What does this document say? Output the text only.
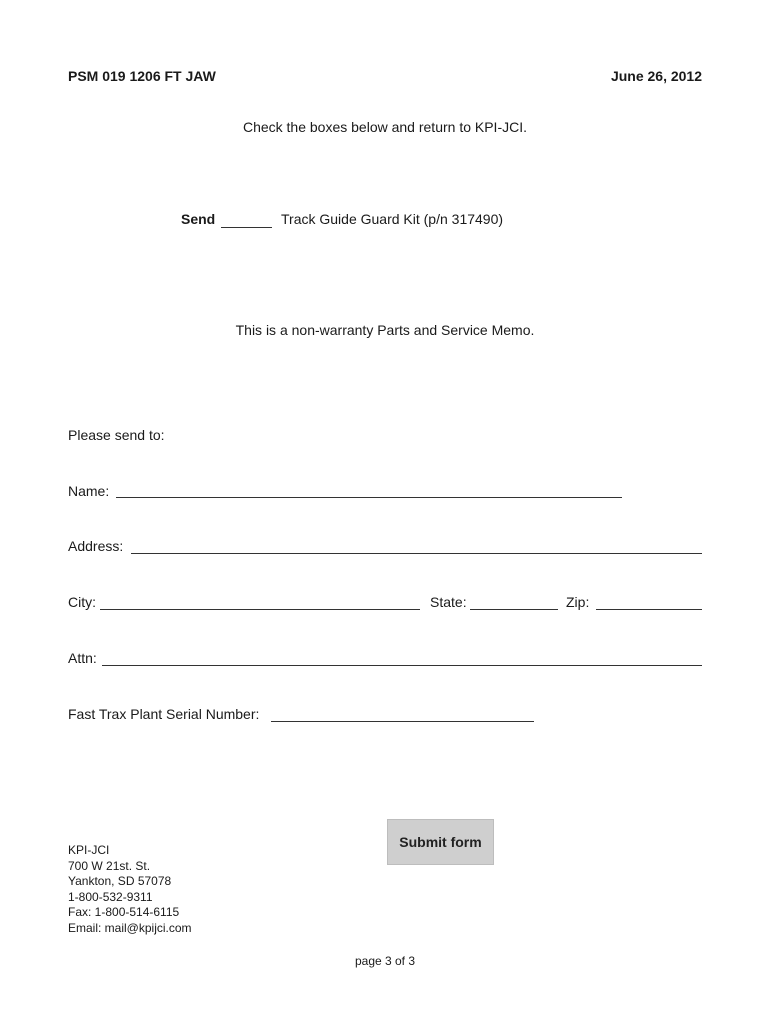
PSM 019 1206 FT JAW	June 26, 2012
Check the boxes below and return to KPI-JCI.
Send	Track Guide Guard Kit (p/n 317490)
This is a non-warranty Parts and Service Memo.
Please send to:
Name:
Address:
City:	State:	Zip:
Attn:
Fast Trax Plant Serial Number:
Submit form
KPI-JCI
700 W 21st. St.
Yankton, SD 57078
1-800-532-9311
Fax: 1-800-514-6115
Email: mail@kpijci.com
page 3 of 3
